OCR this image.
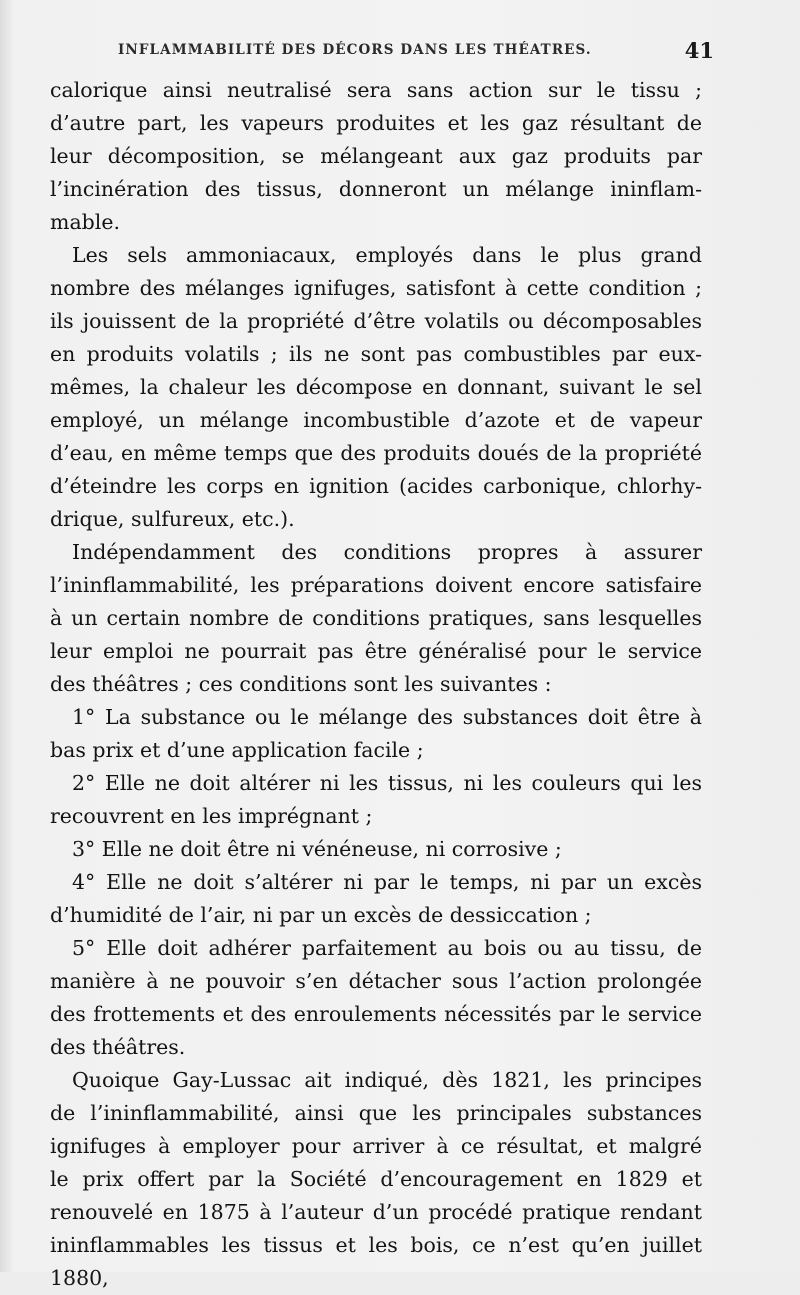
INFLAMMABILITÉ DES DÉCORS DANS LES THÉATRES.	41

calorique ainsi neutralisé sera sans action sur le tissu ;

d’autre part, les vapeurs produites et les gaz résultant de

leur décomposition, se mélangeant aux gaz produits par

l’incinération des tissus, donneront un mélange ininflam-

mable.

Les sels ammoniacaux, employés dans le plus grand

nombre des mélanges ignifuges, satisfont à cette condition ;

ils jouissent de la propriété d’être volatils ou décomposables

en produits volatils ; ils ne sont pas combustibles par eux-

mêmes, la chaleur les décompose en donnant, suivant le sel

employé, un mélange incombustible d’azote et de vapeur

d’eau, en même temps que des produits doués de la propriété

d’éteindre les corps en ignition (acides carbonique, chlorhy-

drique, sulfureux, etc.).

Indépendamment des conditions propres à assurer

l’ininflammabilité, les préparations doivent encore satisfaire

à un certain nombre de conditions pratiques, sans lesquelles

leur emploi ne pourrait pas être généralisé pour le service

des théâtres ; ces conditions sont les suivantes :

1° La substance ou le mélange des substances doit être à

bas prix et d’une application facile ;

2° Elle ne doit altérer ni les tissus, ni les couleurs qui les

recouvrent en les imprégnant ;

3° Elle ne doit être ni vénéneuse, ni corrosive ;

4° Elle ne doit s’altérer ni par le temps, ni par un excès

d’humidité de l’air, ni par un excès de dessiccation ;

5° Elle doit adhérer parfaitement au bois ou au tissu, de

manière à ne pouvoir s’en détacher sous l’action prolongée

des frottements et des enroulements nécessités par le service

des théâtres.

Quoique Gay-Lussac ait indiqué, dès 1821, les principes

de l’ininflammabilité, ainsi que les principales substances

ignifuges à employer pour arriver à ce résultat, et malgré

le prix offert par la Société d’encouragement en 1829 et

renouvelé en 1875 à l’auteur d’un procédé pratique rendant

ininflammables les tissus et les bois, ce n’est qu’en juillet 1880,
